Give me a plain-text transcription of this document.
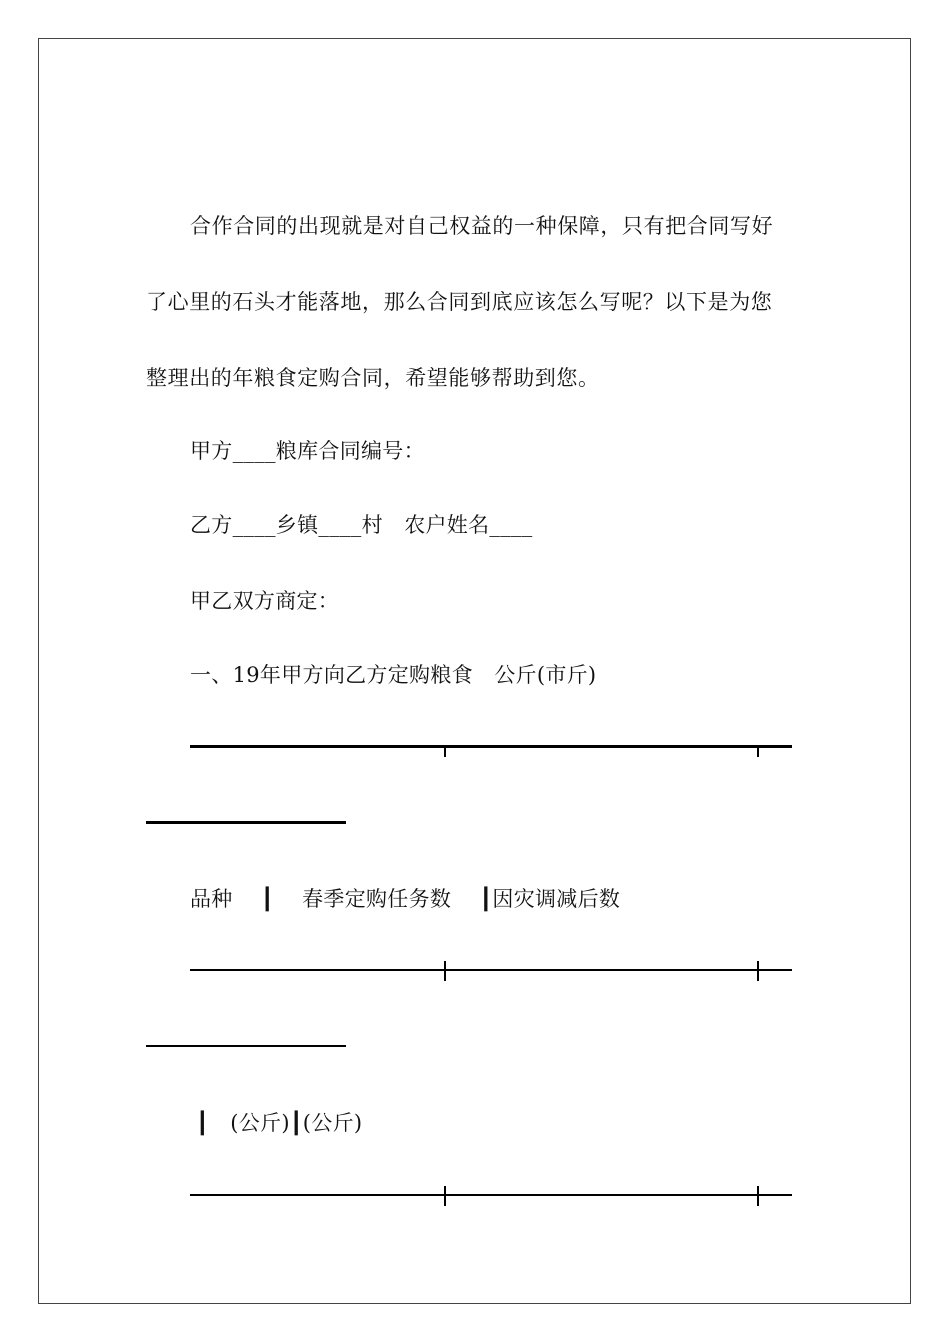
合作合同的出现就是对自己权益的一种保障，只有把合同写好
了心里的石头才能落地，那么合同到底应该怎么写呢？以下是为您
整理出的年粮食定购合同，希望能够帮助到您。
甲方____粮库合同编号：
乙方____乡镇____村　农户姓名____
甲乙双方商定：
一、19年甲方向乙方定购粮食　公斤(市斤)
品种　 ┃　 春季定购任务数　 ┃因灾调减后数
┃　(公斤)┃(公斤)
